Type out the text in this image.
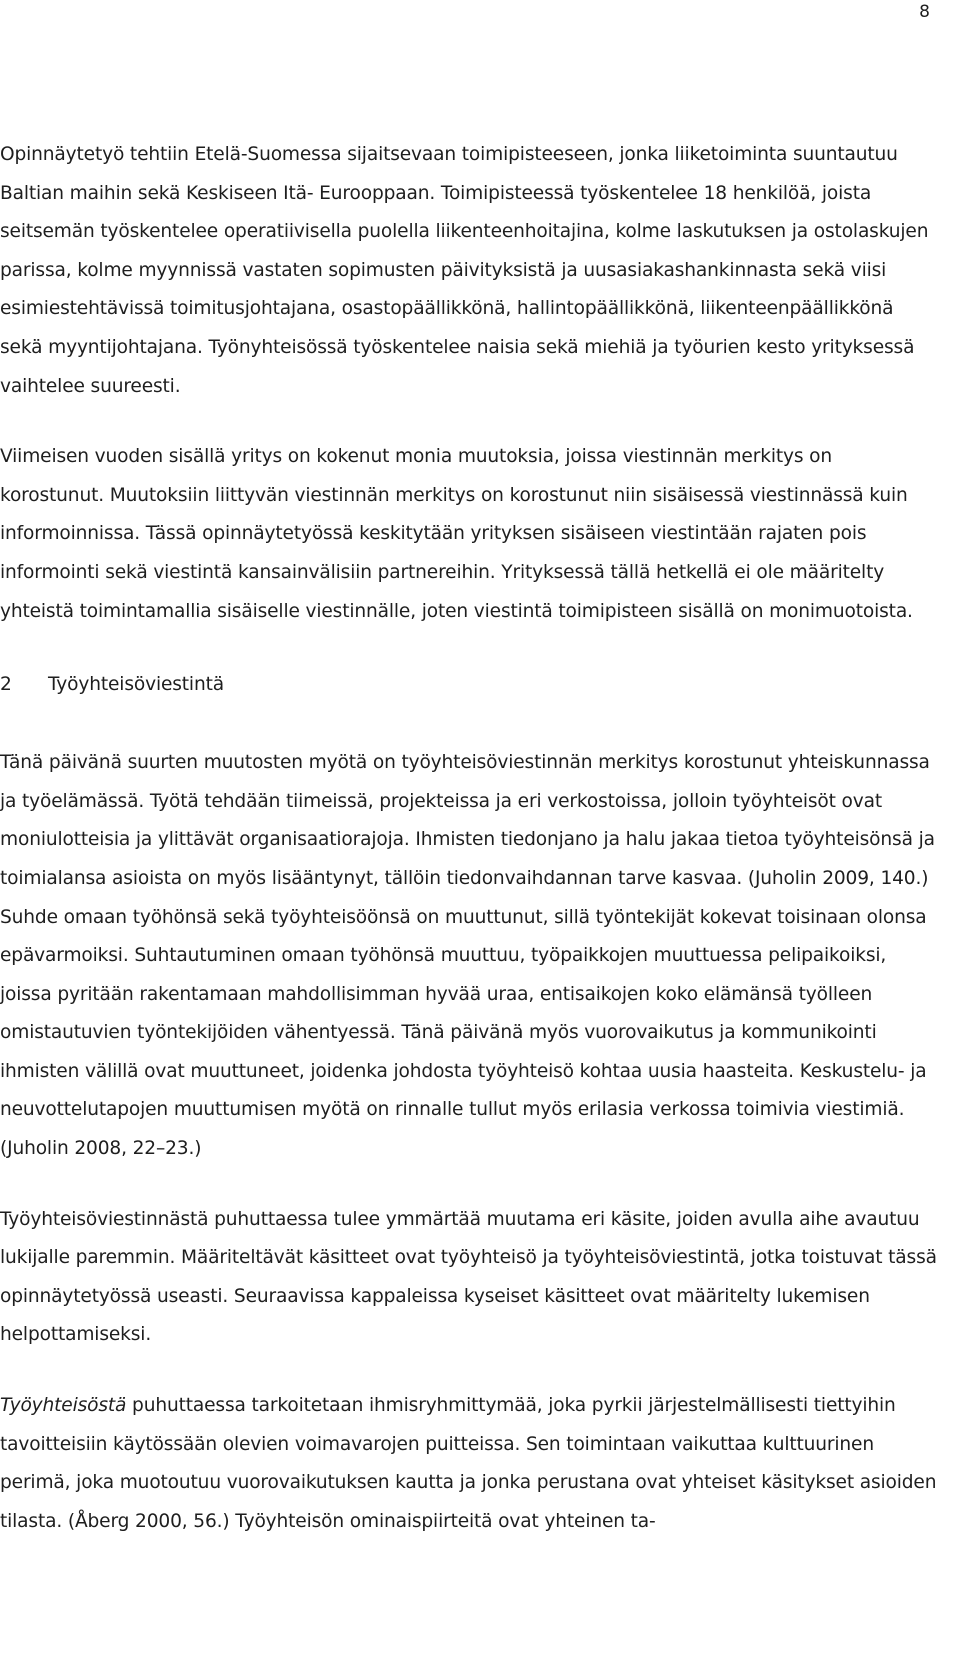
8

Opinnäytetyö tehtiin Etelä-Suomessa sijaitsevaan toimipisteeseen, jonka liiketoiminta suuntautuu Baltian maihin sekä Keskiseen Itä- Eurooppaan. Toimipisteessä työskentelee 18 henkilöä, joista seitsemän työskentelee operatiivisella puolella liikenteenhoitajina, kolme laskutuksen ja ostolaskujen parissa, kolme myynnissä vastaten sopimusten päivityksistä ja uusasiakashankinnasta sekä viisi esimiestehtävissä toimitusjohtajana, osastopäällikkönä, hallintopäällikkönä, liikenteenpäällikkönä sekä myyntijohtajana. Työnyhteisössä työskentelee naisia sekä miehiä ja työurien kesto yrityksessä vaihtelee suureesti.

Viimeisen vuoden sisällä yritys on kokenut monia muutoksia, joissa viestinnän merkitys on korostunut. Muutoksiin liittyvän viestinnän merkitys on korostunut niin sisäisessä viestinnässä kuin informoinnissa. Tässä opinnäytetyössä keskitytään yrityksen sisäiseen viestintään rajaten pois informointi sekä viestintä kansainvälisiin partnereihin. Yrityksessä tällä hetkellä ei ole määritelty yhteistä toimintamallia sisäiselle viestinnälle, joten viestintä toimipisteen sisällä on monimuotoista.

2	Työyhteisöviestintä

Tänä päivänä suurten muutosten myötä on työyhteisöviestinnän merkitys korostunut yhteiskunnassa ja työelämässä. Työtä tehdään tiimeissä, projekteissa ja eri verkostoissa, jolloin työyhteisöt ovat moniulotteisia ja ylittävät organisaatiorajoja. Ihmisten tiedonjano ja halu jakaa tietoa työyhteisönsä ja toimialansa asioista on myös lisääntynyt, tällöin tiedonvaihdannan tarve kasvaa. (Juholin 2009, 140.) Suhde omaan työhönsä sekä työyhteisöönsä on muuttunut, sillä työntekijät kokevat toisinaan olonsa epävarmoiksi. Suhtautuminen omaan työhönsä muuttuu, työpaikkojen muuttuessa pelipaikoiksi, joissa pyritään rakentamaan mahdollisimman hyvää uraa, entisaikojen koko elämänsä työlleen omistautuvien työntekijöiden vähentyessä. Tänä päivänä myös vuorovaikutus ja kommunikointi ihmisten välillä ovat muuttuneet, joidenka johdosta työyhteisö kohtaa uusia haasteita. Keskustelu- ja neuvottelutapojen muuttumisen myötä on rinnalle tullut myös erilasia verkossa toimivia viestimiä. (Juholin 2008, 22–23.)

Työyhteisöviestinnästä puhuttaessa tulee ymmärtää muutama eri käsite, joiden avulla aihe avautuu lukijalle paremmin. Määriteltävät käsitteet ovat työyhteisö ja työyhteisöviestintä, jotka toistuvat tässä opinnäytetyössä useasti. Seuraavissa kappaleissa kyseiset käsitteet ovat määritelty lukemisen helpottamiseksi.

Työyhteisöstä puhuttaessa tarkoitetaan ihmisryhmittymää, joka pyrkii järjestelmällisesti tiettyihin tavoitteisiin käytössään olevien voimavarojen puitteissa. Sen toimintaan vaikuttaa kulttuurinen perimä, joka muotoutuu vuorovaikutuksen kautta ja jonka perustana ovat yhteiset käsitykset asioiden tilasta. (Åberg 2000, 56.) Työyhteisön ominaispiirteitä ovat yhteinen ta-
